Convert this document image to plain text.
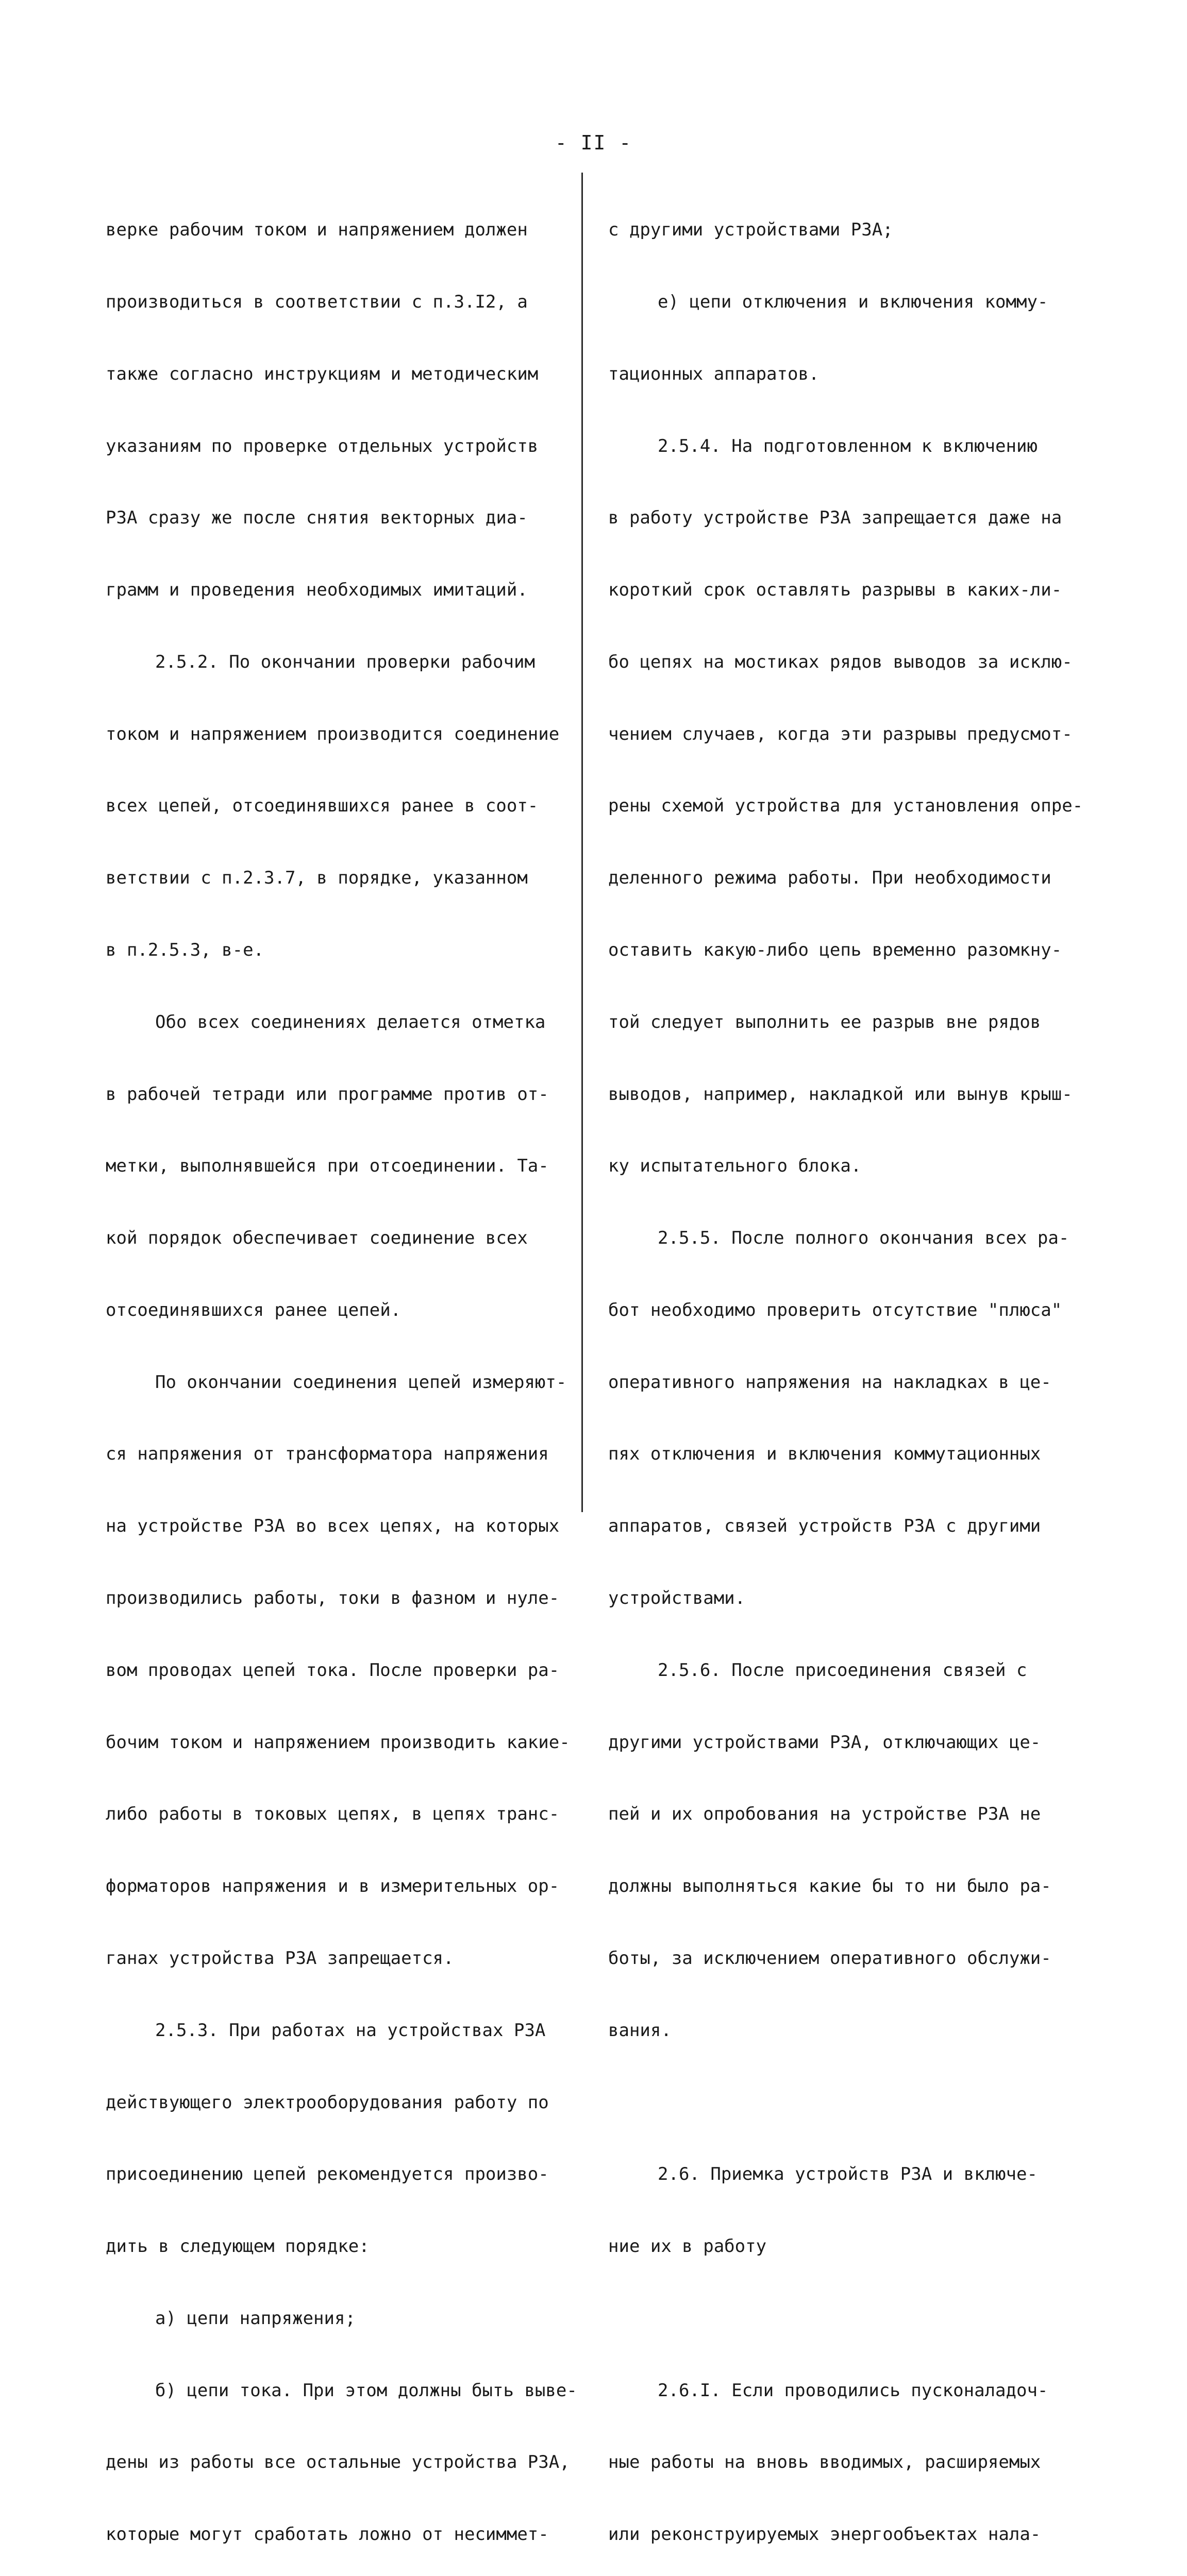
- II -

верке рабочим током и напряжением должен

производиться в соответствии с п.3.I2, а

также согласно инструкциям и методическим

указаниям по проверке отдельных устройств

РЗА сразу же после снятия векторных диа-

грамм и проведения необходимых имитаций.

2.5.2. По окончании проверки рабочим

током и напряжением производится соединение

всех цепей, отсоединявшихся ранее в соот-

ветствии с п.2.3.7, в порядке, указанном

в п.2.5.3, в-е.

Обо всех соединениях делается отметка

в рабочей тетради или программе против от-

метки, выполнявшейся при отсоединении. Та-

кой порядок обеспечивает соединение всех

отсоединявшихся ранее цепей.

По окончании соединения цепей измеряют-

ся напряжения от трансформатора напряжения

на устройстве РЗА во всех цепях, на которых

производились работы, токи в фазном и нуле-

вом проводах цепей тока. После проверки ра-

бочим током и напряжением производить какие-

либо работы в токовых цепях, в цепях транс-

форматоров напряжения и в измерительных ор-

ганах устройства РЗА запрещается.

2.5.3. При работах на устройствах РЗА

действующего электрооборудования работу по

присоединению цепей рекомендуется произво-

дить в следующем порядке:

а) цепи напряжения;

б) цепи тока. При этом должны быть выве-

дены из работы все остальные устройства РЗА,

которые могут сработать ложно от несиммет-

с другими устройствами РЗА;

е) цепи отключения и включения комму-

тационных аппаратов.

2.5.4. На подготовленном к включению

в работу устройстве РЗА запрещается даже на

короткий срок оставлять разрывы в каких-ли-

бо цепях на мостиках рядов выводов за исклю-

чением случаев, когда эти разрывы предусмот-

рены схемой устройства для установления опре-

деленного режима работы. При необходимости

оставить какую-либо цепь временно разомкну-

той следует выполнить ее разрыв вне рядов

выводов, например, накладкой или вынув крыш-

ку испытательного блока.

2.5.5. После полного окончания всех ра-

бот необходимо проверить отсутствие "плюса"

оперативного напряжения на накладках в це-

пях отключения и включения коммутационных

аппаратов, связей устройств РЗА с другими

устройствами.

2.5.6. После присоединения связей с

другими устройствами РЗА, отключающих це-

пей и их опробования на устройстве РЗА не

должны выполняться какие бы то ни было ра-

боты, за исключением оперативного обслужи-

вания.

2.6. Приемка устройств РЗА и включе-

ние их в работу

2.6.I. Если проводились пусконаладоч-

ные работы на вновь вводимых, расширяемых

или реконструируемых энергообъектах нала-
